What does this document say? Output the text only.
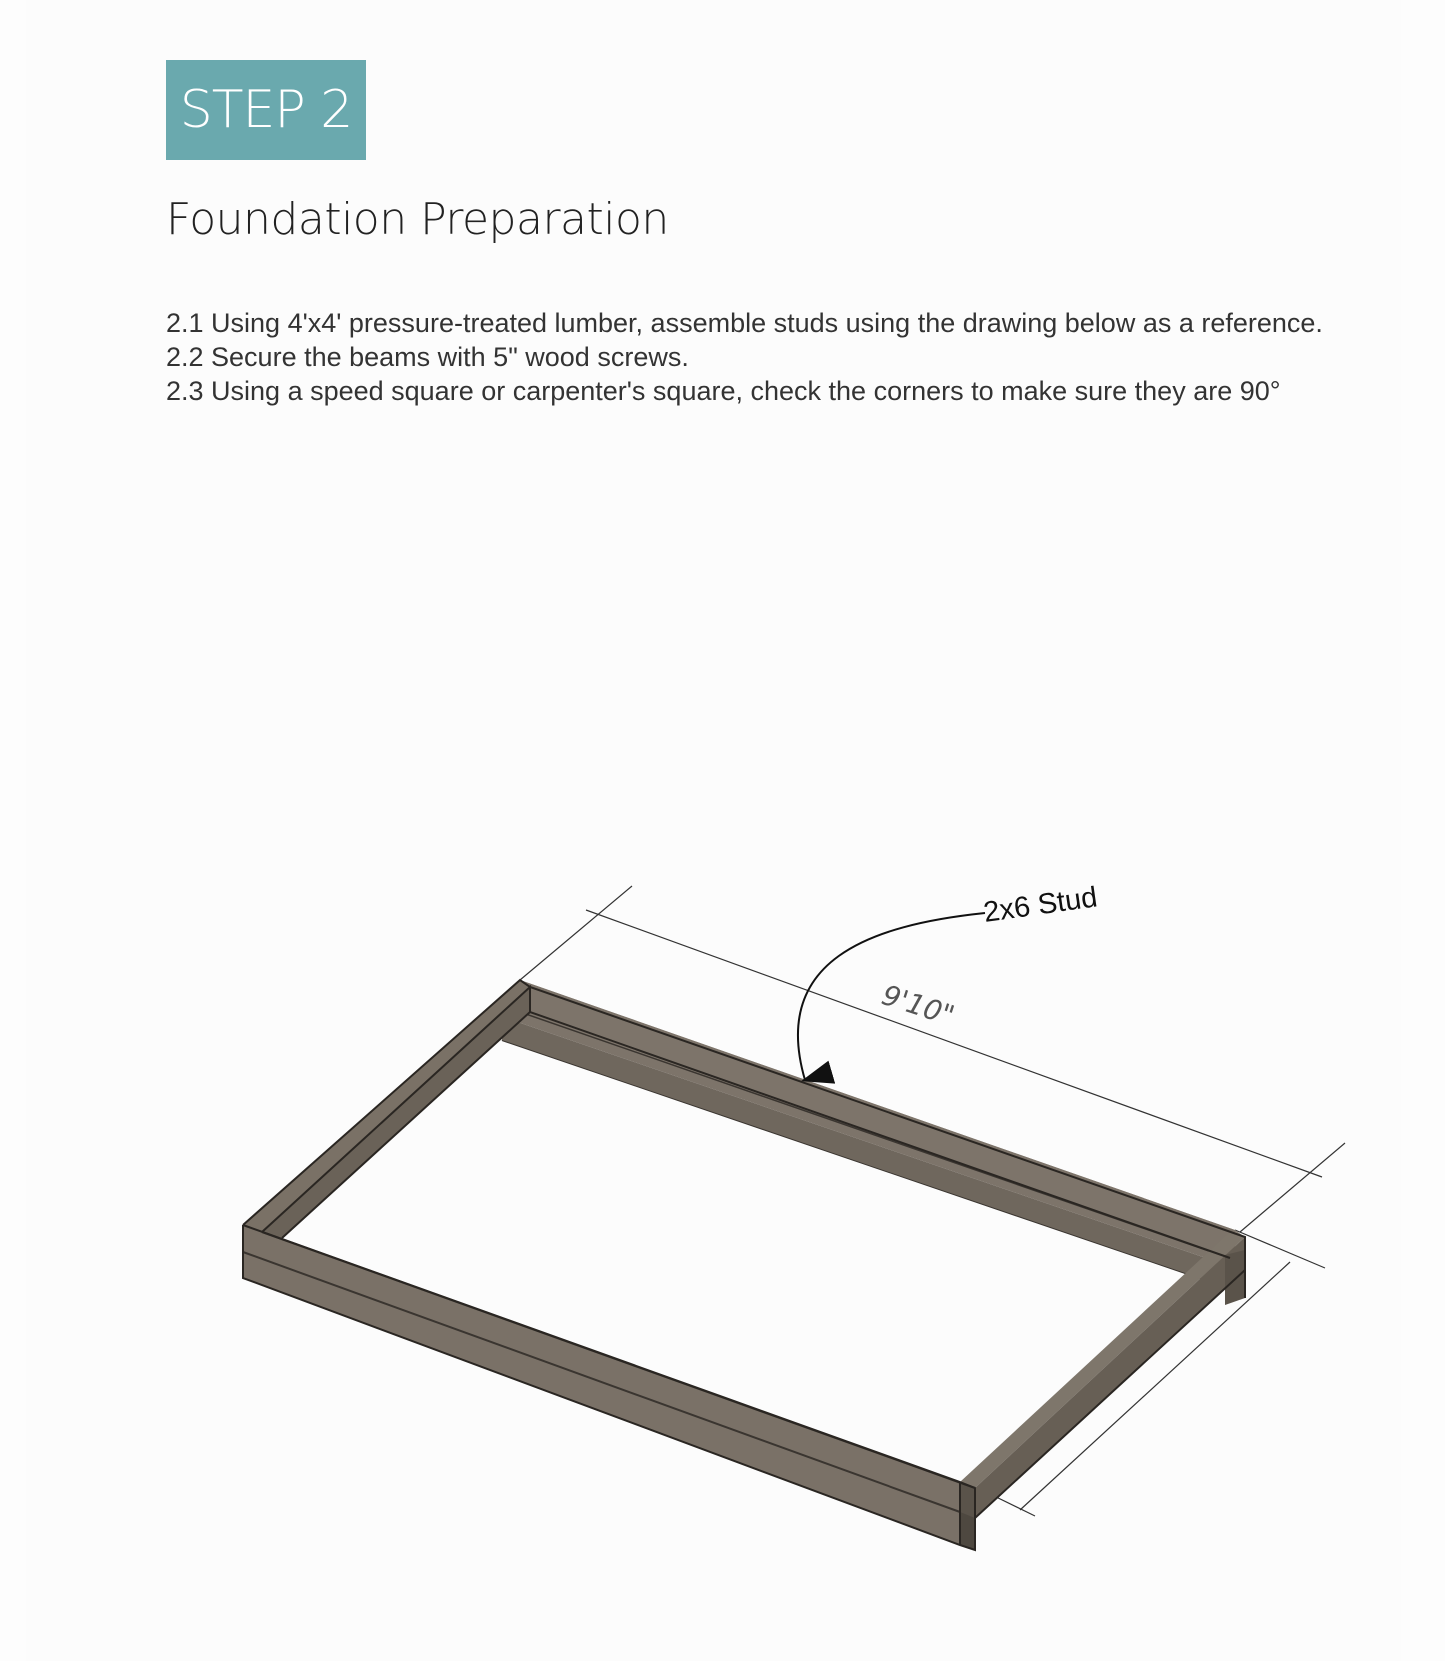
STEP 2
Foundation Preparation
2.1 Using 4'x4' pressure-treated lumber, assemble studs using the drawing below as a reference.
2.2 Secure the beams with 5" wood screws.
2.3 Using a speed square or carpenter's square, check the corners to make sure they are 90°
2x6 Stud
9'10"
